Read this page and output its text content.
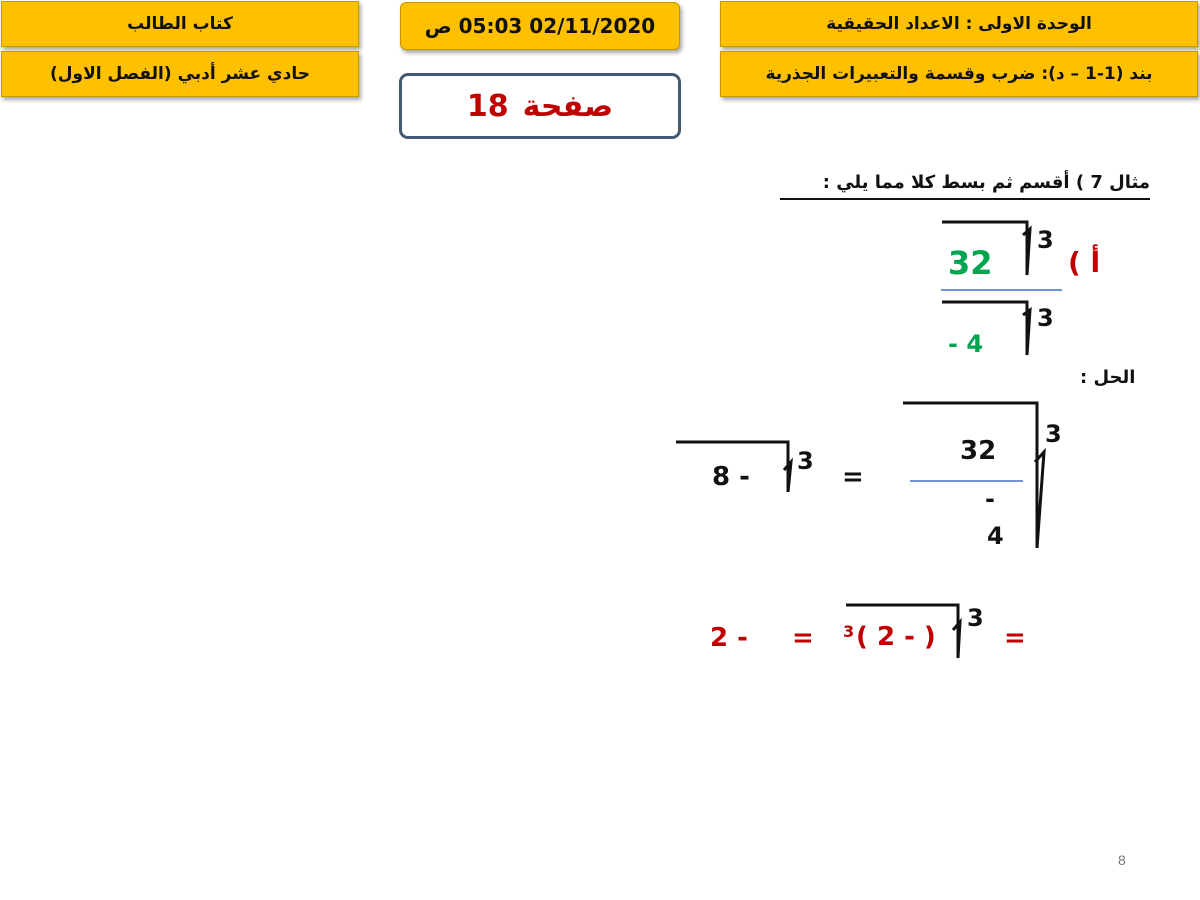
كتاب الطالب
حادي عشر أدبي (الفصل الاول)
02/11/2020 05:03 ص
صفحة
18
الوحدة الاولى : الاعداد الحقيقية
بند (1-1 – د): ضرب وقسمة والتعبيرات الجذرية
مثال 7 ) أقسم ثم بسط كلا مما يلي :
3
32	أ )
3
- 4
الحل :
3
32
-
4
=
3
- 8
=
3
( - 2 )
3
=
- 2
8
